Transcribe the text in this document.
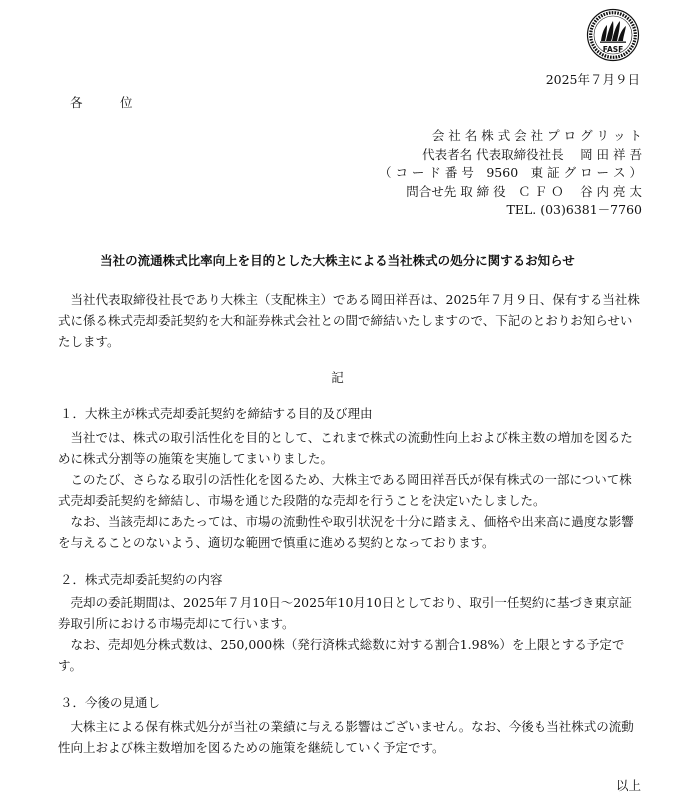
FASF
2025年７月９日
各位
会 社 名 株 式 会 社 プ ロ グ リ ッ ト
代表者名 代表取締役社長　 岡 田 祥 吾
（ コ ー ド 番 号　9560　東 証 グ ロ ー ス ）
問合せ先 取 締 役　Ｃ Ｆ Ｏ　 谷 内 亮 太
TEL. (03)6381－7760
当社の流通株式比率向上を目的とした大株主による当社株式の処分に関するお知らせ
当社代表取締役社長であり大株主（支配株主）である岡田祥吾は、2025年７月９日、保有する当社株式に係る株式売却委託契約を大和証券株式会社との間で締結いたしますので、下記のとおりお知らせいたします。
記
１．大株主が株式売却委託契約を締結する目的及び理由
当社では、株式の取引活性化を目的として、これまで株式の流動性向上および株主数の増加を図るために株式分割等の施策を実施してまいりました。
このたび、さらなる取引の活性化を図るため、大株主である岡田祥吾氏が保有株式の一部について株式売却委託契約を締結し、市場を通じた段階的な売却を行うことを決定いたしました。
なお、当該売却にあたっては、市場の流動性や取引状況を十分に踏まえ、価格や出来高に過度な影響を与えることのないよう、適切な範囲で慎重に進める契約となっております。
２．株式売却委託契約の内容
売却の委託期間は、2025年７月10日～2025年10月10日としており、取引一任契約に基づき東京証券取引所における市場売却にて行います。
なお、売却処分株式数は、250,000株（発行済株式総数に対する割合1.98%）を上限とする予定です。
３．今後の見通し
大株主による保有株式処分が当社の業績に与える影響はございません。なお、今後も当社株式の流動性向上および株主数増加を図るための施策を継続していく予定です。
以上
